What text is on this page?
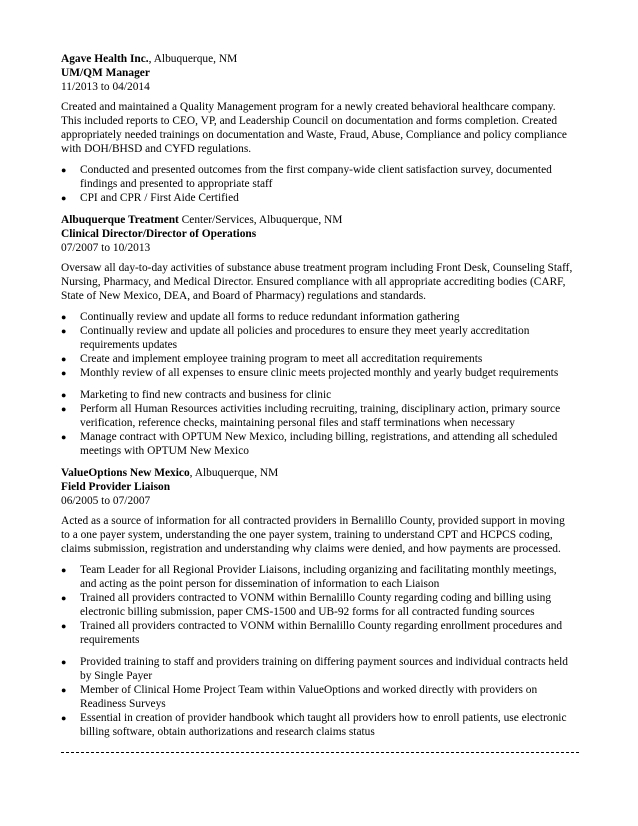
Agave Health Inc., Albuquerque, NM
UM/QM Manager
11/2013 to 04/2014
Created and maintained a Quality Management program for a newly created behavioral healthcare company.
This included reports to CEO, VP, and Leadership Council on documentation and forms completion. Created
appropriately needed trainings on documentation and Waste, Fraud, Abuse, Compliance and policy compliance
with DOH/BHSD and CYFD regulations.
● Conducted and presented outcomes from the first company-wide client satisfaction survey, documented
findings and presented to appropriate staff
● CPI and CPR / First Aide Certified
Albuquerque Treatment Center/Services, Albuquerque, NM
Clinical Director/Director of Operations
07/2007 to 10/2013
Oversaw all day-to-day activities of substance abuse treatment program including Front Desk, Counseling Staff,
Nursing, Pharmacy, and Medical Director. Ensured compliance with all appropriate accrediting bodies (CARF,
State of New Mexico, DEA, and Board of Pharmacy) regulations and standards.
● Continually review and update all forms to reduce redundant information gathering
● Continually review and update all policies and procedures to ensure they meet yearly accreditation
requirements updates
● Create and implement employee training program to meet all accreditation requirements
● Monthly review of all expenses to ensure clinic meets projected monthly and yearly budget requirements
● Marketing to find new contracts and business for clinic
● Perform all Human Resources activities including recruiting, training, disciplinary action, primary source
verification, reference checks, maintaining personal files and staff terminations when necessary
● Manage contract with OPTUM New Mexico, including billing, registrations, and attending all scheduled
meetings with OPTUM New Mexico
ValueOptions New Mexico, Albuquerque, NM
Field Provider Liaison
06/2005 to 07/2007
Acted as a source of information for all contracted providers in Bernalillo County, provided support in moving
to a one payer system, understanding the one payer system, training to understand CPT and HCPCS coding,
claims submission, registration and understanding why claims were denied, and how payments are processed.
● Team Leader for all Regional Provider Liaisons, including organizing and facilitating monthly meetings,
and acting as the point person for dissemination of information to each Liaison
● Trained all providers contracted to VONM within Bernalillo County regarding coding and billing using
electronic billing submission, paper CMS-1500 and UB-92 forms for all contracted funding sources
● Trained all providers contracted to VONM within Bernalillo County regarding enrollment procedures and
requirements
● Provided training to staff and providers training on differing payment sources and individual contracts held
by Single Payer
● Member of Clinical Home Project Team within ValueOptions and worked directly with providers on
Readiness Surveys
● Essential in creation of provider handbook which taught all providers how to enroll patients, use electronic
billing software, obtain authorizations and research claims status
